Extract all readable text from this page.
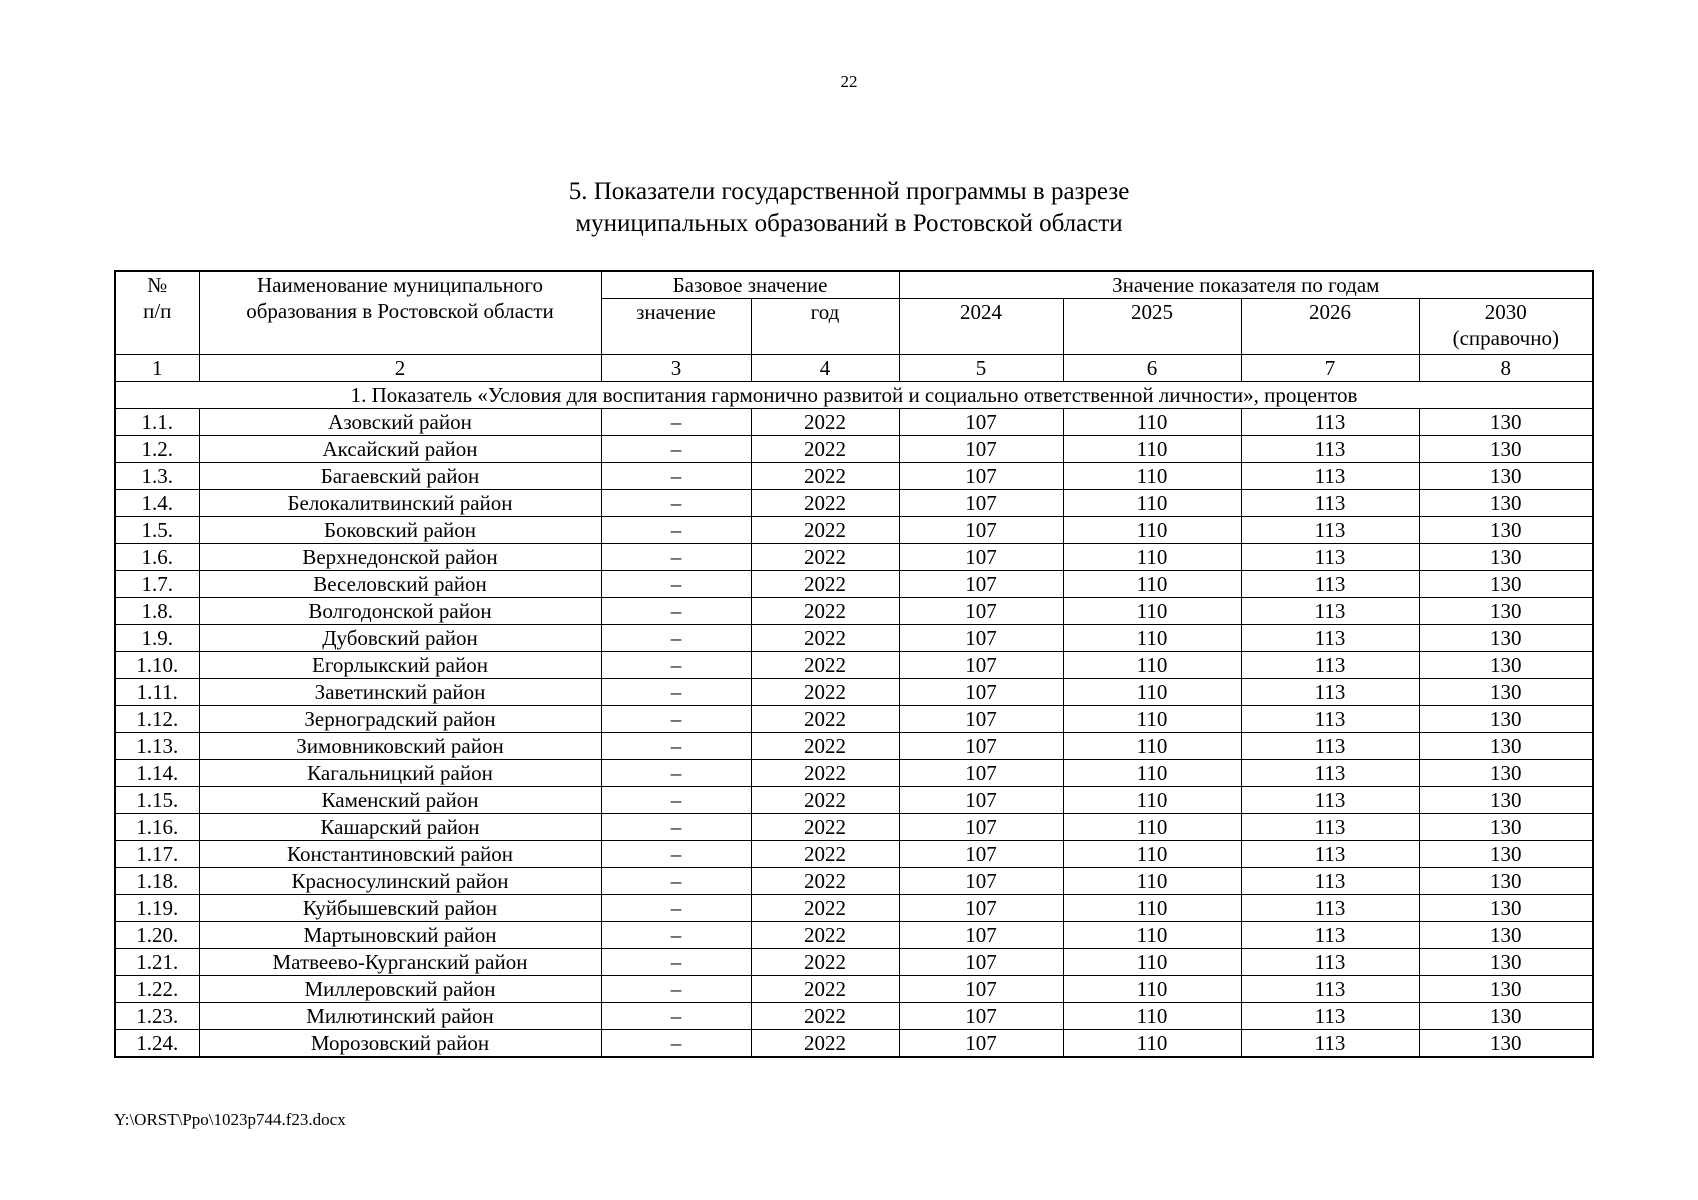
22
5. Показатели государственной программы в разрезе
муниципальных образований в Ростовской области
№ п/п	Наименование муниципального образования в Ростовской области	Базовое значение		Значение показателя по годам			
		значение	год	2024	2025	2026	2030 (справочно)
1	2	3	4	5	6	7	8
1. Показатель «Условия для воспитания гармонично развитой и социально ответственной личности», процентов							
1.1.	Азовский район	–	2022	107	110	113	130
1.2.	Аксайский район	–	2022	107	110	113	130
1.3.	Багаевский район	–	2022	107	110	113	130
1.4.	Белокалитвинский район	–	2022	107	110	113	130
1.5.	Боковский район	–	2022	107	110	113	130
1.6.	Верхнедонской район	–	2022	107	110	113	130
1.7.	Веселовский район	–	2022	107	110	113	130
1.8.	Волгодонской район	–	2022	107	110	113	130
1.9.	Дубовский район	–	2022	107	110	113	130
1.10.	Егорлыкский район	–	2022	107	110	113	130
1.11.	Заветинский район	–	2022	107	110	113	130
1.12.	Зерноградский район	–	2022	107	110	113	130
1.13.	Зимовниковский район	–	2022	107	110	113	130
1.14.	Кагальницкий район	–	2022	107	110	113	130
1.15.	Каменский район	–	2022	107	110	113	130
1.16.	Кашарский район	–	2022	107	110	113	130
1.17.	Константиновский район	–	2022	107	110	113	130
1.18.	Красносулинский район	–	2022	107	110	113	130
1.19.	Куйбышевский район	–	2022	107	110	113	130
1.20.	Мартыновский район	–	2022	107	110	113	130
1.21.	Матвеево-Курганский район	–	2022	107	110	113	130
1.22.	Миллеровский район	–	2022	107	110	113	130
1.23.	Милютинский район	–	2022	107	110	113	130
1.24.	Морозовский район	–	2022	107	110	113	130
Y:\ORST\Ppo\1023p744.f23.docx
